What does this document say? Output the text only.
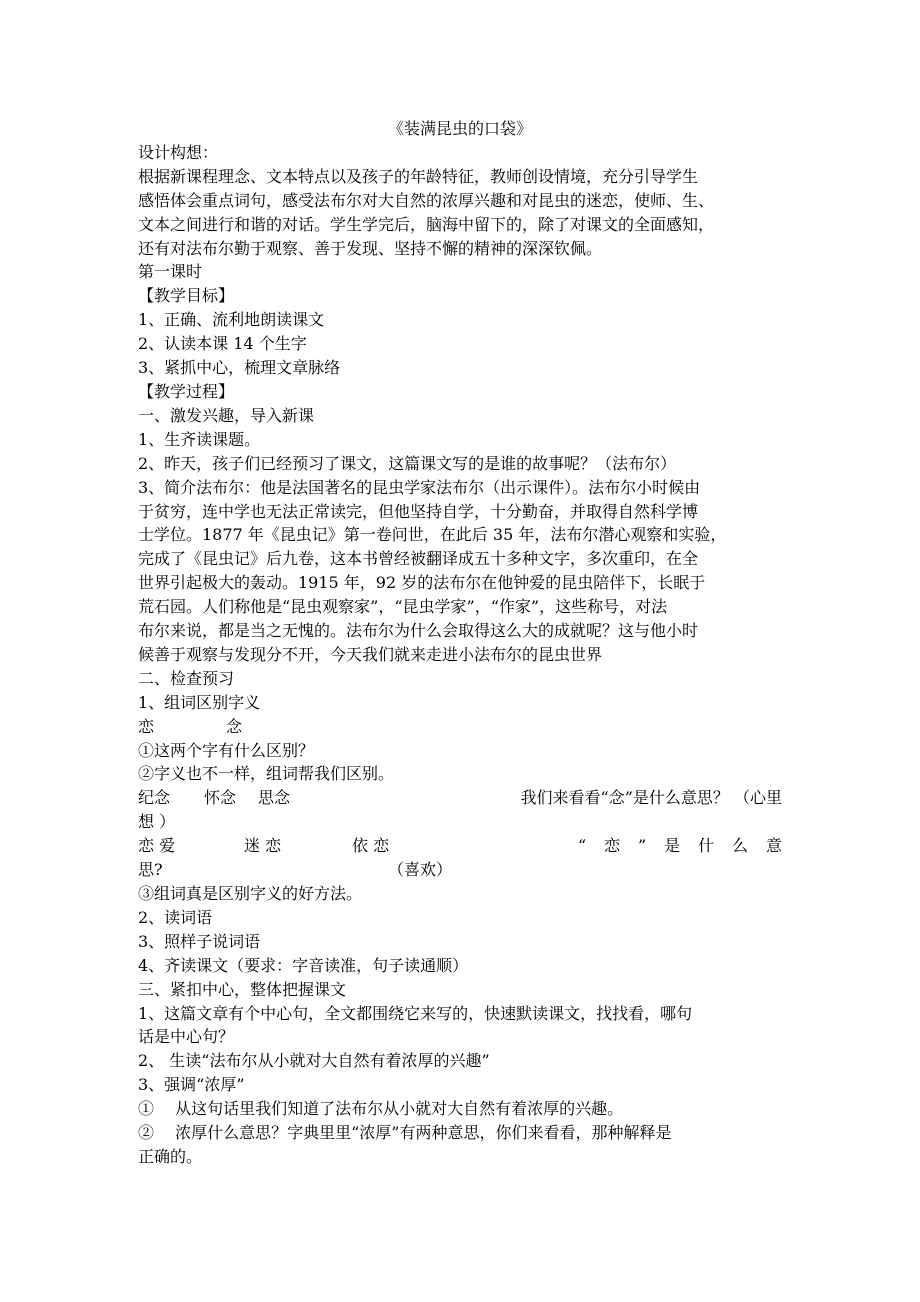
《装满昆虫的口袋》
设计构想：

根据新课程理念、文本特点以及孩子的年龄特征，教师创设情境，充分引导学生

感悟体会重点词句，感受法布尔对大自然的浓厚兴趣和对昆虫的迷恋，使师、生、

文本之间进行和谐的对话。学生学完后，脑海中留下的，除了对课文的全面感知，

还有对法布尔勤于观察、善于发现、坚持不懈的精神的深深钦佩。

第一课时
【教学目标】
1、正确、流利地朗读课文
2、认读本课 14 个生字
3、紧抓中心，梳理文章脉络
【教学过程】
一、激发兴趣，导入新课
1、生齐读课题。
2、昨天，孩子们已经预习了课文，这篇课文写的是谁的故事呢？（法布尔）

3、简介法布尔：他是法国著名的昆虫学家法布尔（出示课件）。法布尔小时候由

于贫穷，连中学也无法正常读完，但他坚持自学，十分勤奋，并取得自然科学博

士学位。1877 年《昆虫记》第一卷问世，在此后 35 年，法布尔潜心观察和实验，

完成了《昆虫记》后九卷，这本书曾经被翻译成五十多种文字，多次重印，在全

世界引起极大的轰动。1915 年，92 岁的法布尔在他钟爱的昆虫陪伴下，长眠于

荒石园。人们称他是“昆虫观察家”，“昆虫学家”，“作家”，这些称号，对法

布尔来说，都是当之无愧的。法布尔为什么会取得这么大的成就呢？这与他小时

候善于观察与发现分不开，今天我们就来走进小法布尔的昆虫世界

二、检查预习
1、组词区别字义
恋	念
①这两个字有什么区别？
②字义也不一样，组词帮我们区别。
纪念	怀念	思念	我们来看看“念”是什么意思？ （心里
想 ）
恋 爱	迷 恋	依 恋	“ 恋 ” 是 什 么 意
思?	（喜欢）
③组词真是区别字义的好方法。
2、读词语
3、照样子说词语
4、齐读课文（要求：字音读准，句子读通顺）
三、紧扣中心，整体把握课文

1、这篇文章有个中心句，全文都围绕它来写的，快速默读课文，找找看，哪句

话是中心句？

2、 生读“法布尔从小就对大自然有着浓厚的兴趣”
3、强调“浓厚”
①　 从这句话里我们知道了法布尔从小就对大自然有着浓厚的兴趣。

②　 浓厚什么意思？字典里里“浓厚”有两种意思，你们来看看，那种解释是

正确的。
